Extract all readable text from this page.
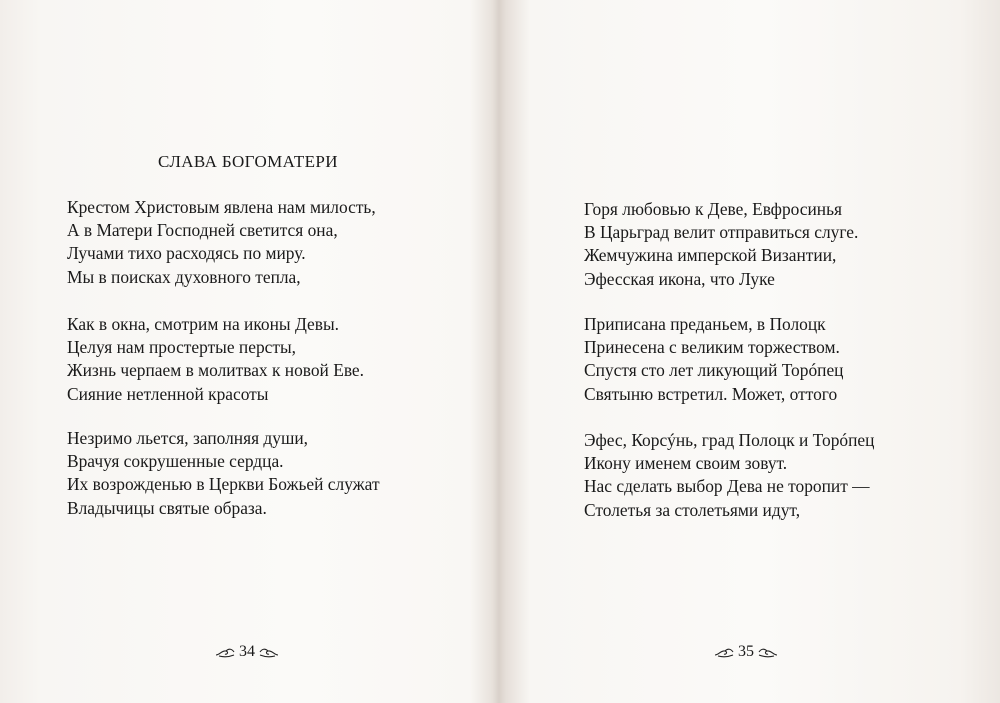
СЛАВА БОГОМАТЕРИ
Крестом Христовым явлена нам милость,
А в Матери Господней светится она,
Лучами тихо расходясь по миру.
Мы в поисках духовного тепла,
Как в окна, смотрим на иконы Девы.
Целуя нам простертые персты,
Жизнь черпаем в молитвах к новой Еве.
Сияние нетленной красоты
Незримо льется, заполняя души,
Врачуя сокрушенные сердца.
Их возрожденью в Церкви Божьей служат
Владычицы святые образа.
34
Горя любовью к Деве, Евфросинья
В Царьград велит отправиться слуге.
Жемчужина имперской Византии,
Эфесская икона, что Луке
Приписана преданьем, в Полоцк
Принесена с великим торжеством.
Спустя сто лет ликующий Торóпец
Святыню встретил. Может, оттого
Эфес, Корсýнь, град Полоцк и Торóпец
Икону именем своим зовут.
Нас сделать выбор Дева не торопит —
Столетья за столетьями идут,
35
